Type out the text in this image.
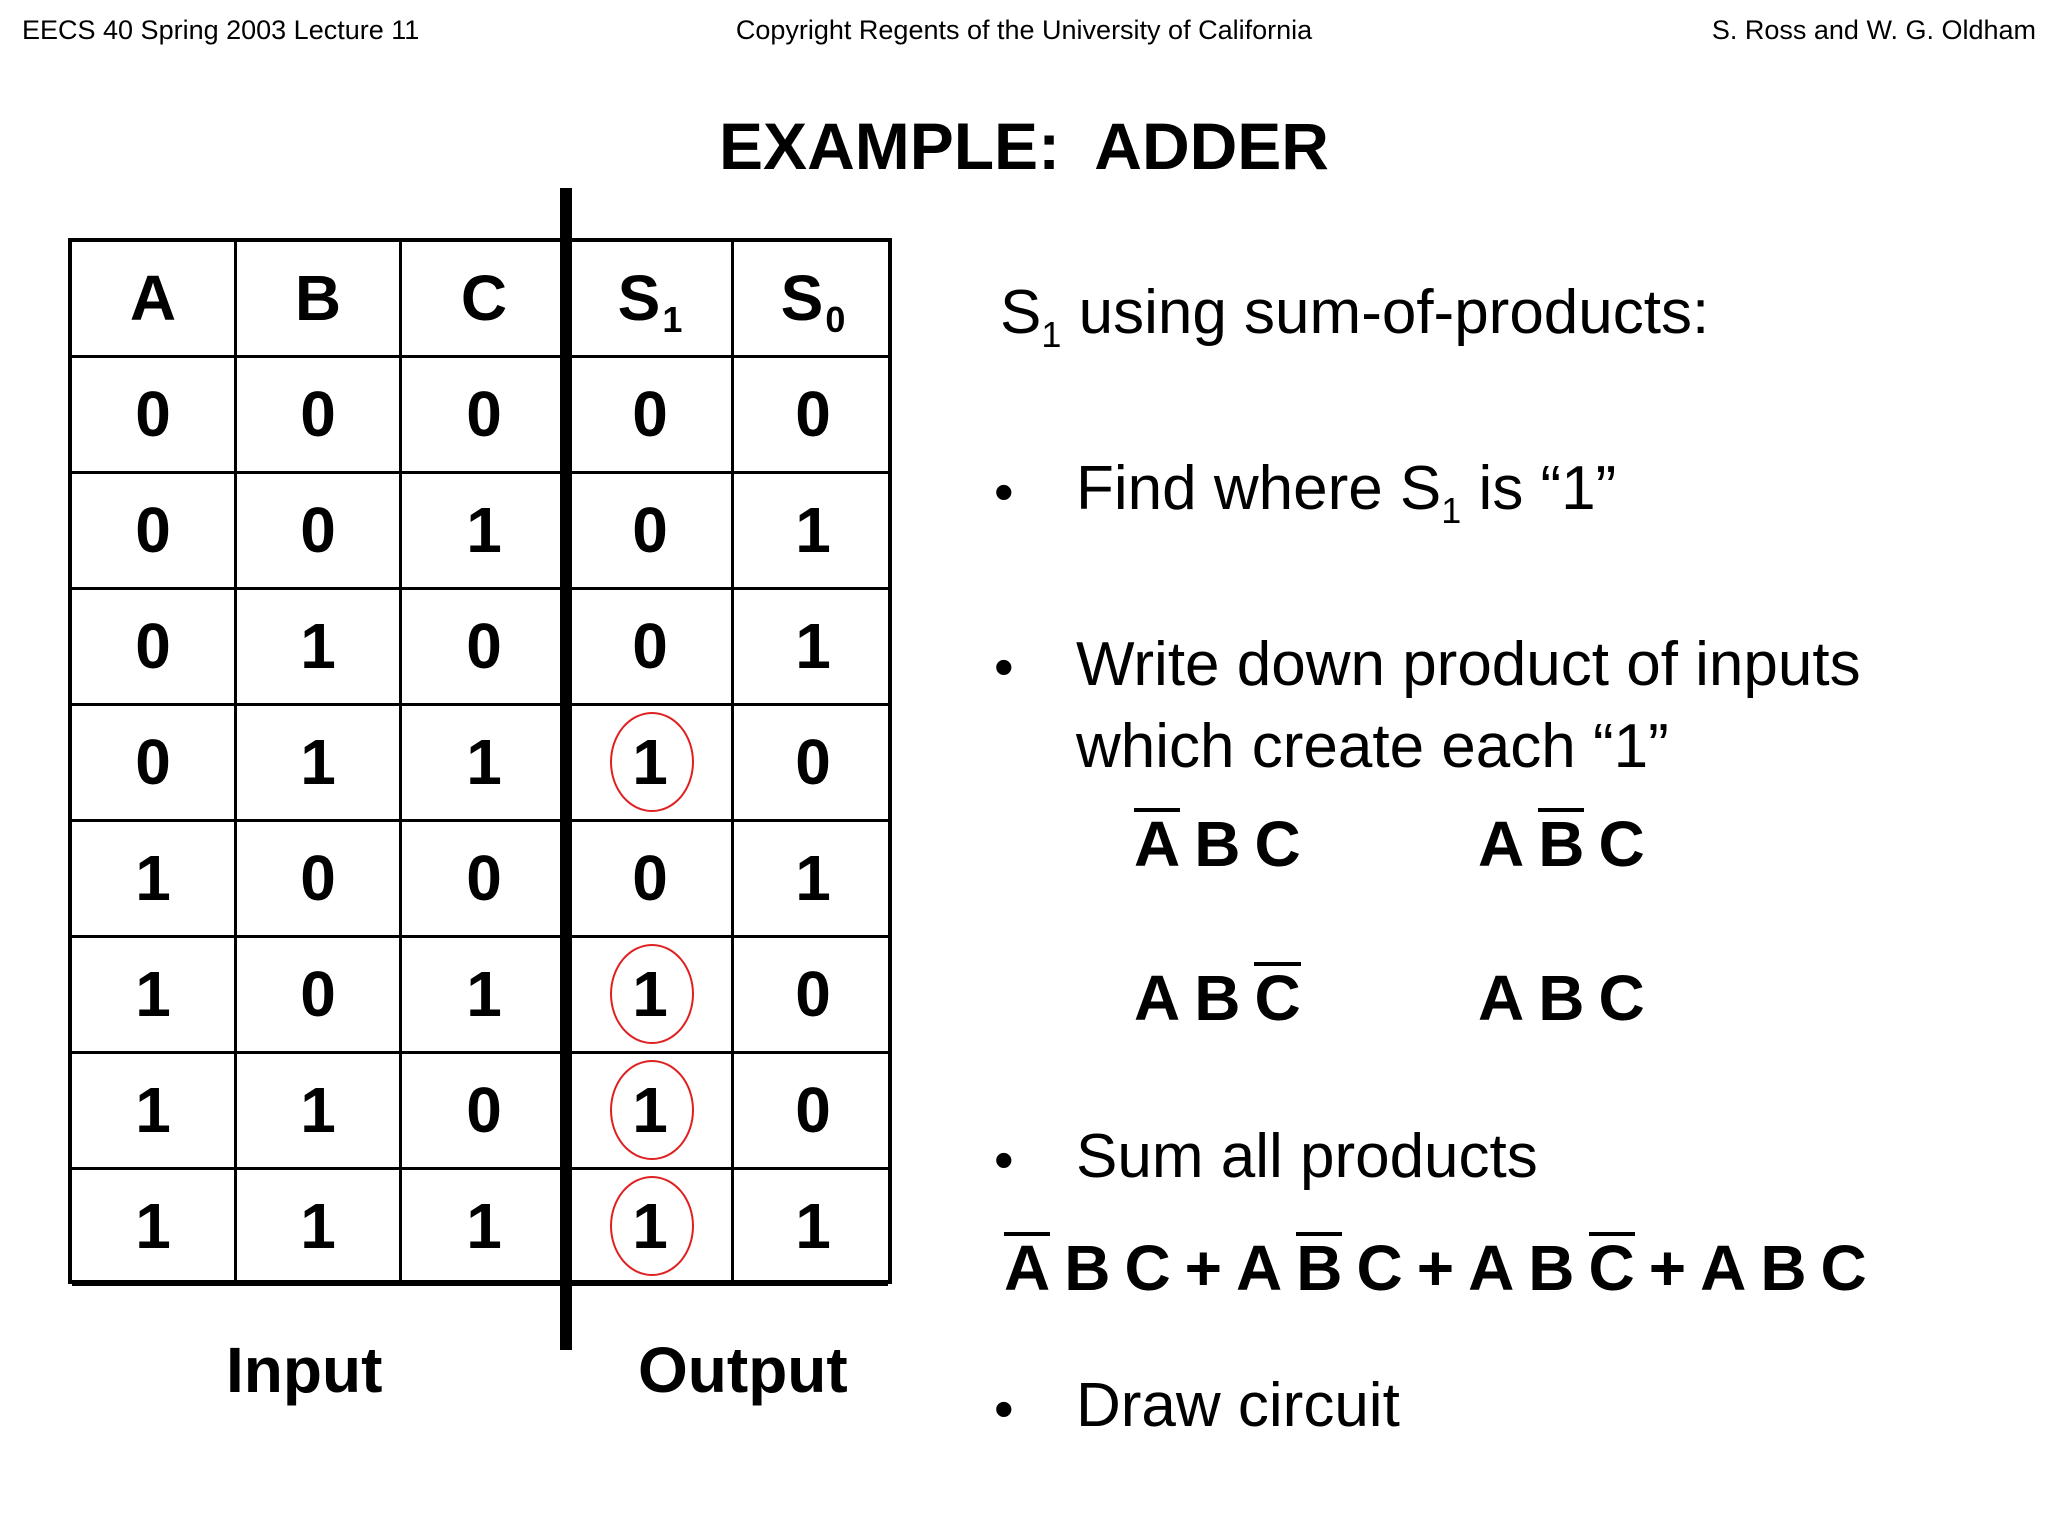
EECS 40 Spring 2003 Lecture 11	Copyright Regents of the University of California	S. Ross and W. G. Oldham
EXAMPLE:  ADDER
A	B	C	$S_1$	$S_0$
0	0	0	0	0
0	0	1	0	1
0	1	0	0	1
0	1	1	1	0
1	0	0	0	1
1	0	1	1	0
1	1	0	1	0
1	1	1	1	1
Input	Output
$S_1$ using sum-of-products:
• Find where $S_1$ is “1”
• Write down product of inputs
which create each “1”
A B C	A B C
A B C	A B C
• Sum all products
A B C + A B C + A B C + A B C
• Draw circuit
